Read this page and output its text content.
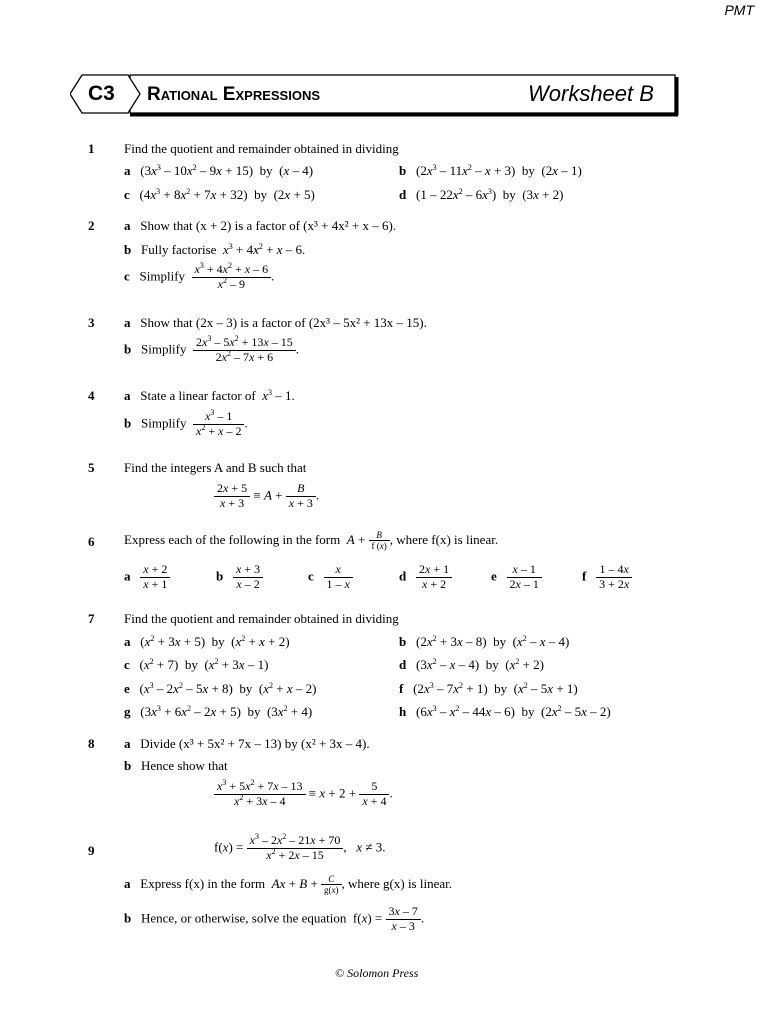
PMT
C3 Rational Expressions	Worksheet B
1 Find the quotient and remainder obtained in dividing
a   $(3x^3 - 10x^2 - 9x + 15)$  by  (x – 4)	b   $(2x^3 - 11x^2 - x + 3)$  by  (2x – 1)
c   $(4x^3 + 8x^2 + 7x + 32)$  by  (2x + 5)	d   $(1 - 22x^2 - 6x^3)$  by  (3x + 2)
2 a Show that (x + 2) is a factor of (x³ + 4x² + x – 6).
b Fully factorise $x^3 + 4x^2 + x - 6$.
c Simplify $\frac{x^3 + 4x^2 + x - 6}{x^2 - 9}$ .
3 a Show that (2x – 3) is a factor of (2x³ – 5x² + 13x – 15).
b Simplify $\frac{2x^3 - 5x^2 + 13x - 15}{2x^2 - 7x + 6}$ .
4 a State a linear factor of $x^3 - 1$.
b Simplify $\frac{x^3 - 1}{x^2 + x - 2}$ .
5 Find the integers A and B such that
$\frac{2x + 5}{x + 3} \equiv A + \frac{B}{x + 3}$ .
6 Express each of the following in the form $A + \frac{B}{f (x)}$ , where f(x) is linear.
a $\frac{x + 2}{x + 1}$	b $\frac{x + 3}{x - 2}$	c $\frac{x}{1 - x}$	d $\frac{2x + 1}{x + 2}$	e $\frac{x - 1}{2x - 1}$	f $\frac{1 - 4x}{3 + 2x}$
7 Find the quotient and remainder obtained in dividing
a   $(x^2 + 3x + 5)$  by  $(x^2 + x + 2)$	b   $(2x^2 + 3x - 8)$  by  ($x^2$ – x – 4)
c   $(x^2 + 7)$  by  $(x^2 + 3x - 1)$	d   ($3x^2$ – x – 4)  by  $(x^2 + 2)$
e   $(x^3 - 2x^2 - 5x + 8)$  by  $(x^2 + x - 2)$	f   $(2x^3 - 7x^2 + 1)$  by  $(x^2 - 5x + 1)$
g   $(3x^3 + 6x^2 - 2x + 5)$  by  $(3x^2 + 4)$	h   $(6x^3 - x^2 - 44x - 6)$  by  $(2x^2 - 5x - 2)$
8 a Divide (x³ + 5x² + 7x – 13) by (x² + 3x – 4).
b Hence show that
$\frac{x^3 + 5x^2 + 7x - 13}{x^2 + 3x - 4} \equiv x + 2 + \frac{5}{x + 4}$ .
9	$f(x) = \frac{x^3 - 2x^2 - 21x + 70}{x^2 + 2x - 15}$ ,   x ≠ 3.
a Express f(x) in the form $Ax + B + \frac{C}{g(x)}$ , where g(x) is linear.
b Hence, or otherwise, solve the equation  $f(x) = \frac{3x - 7}{x - 3}$ .
© Solomon Press
